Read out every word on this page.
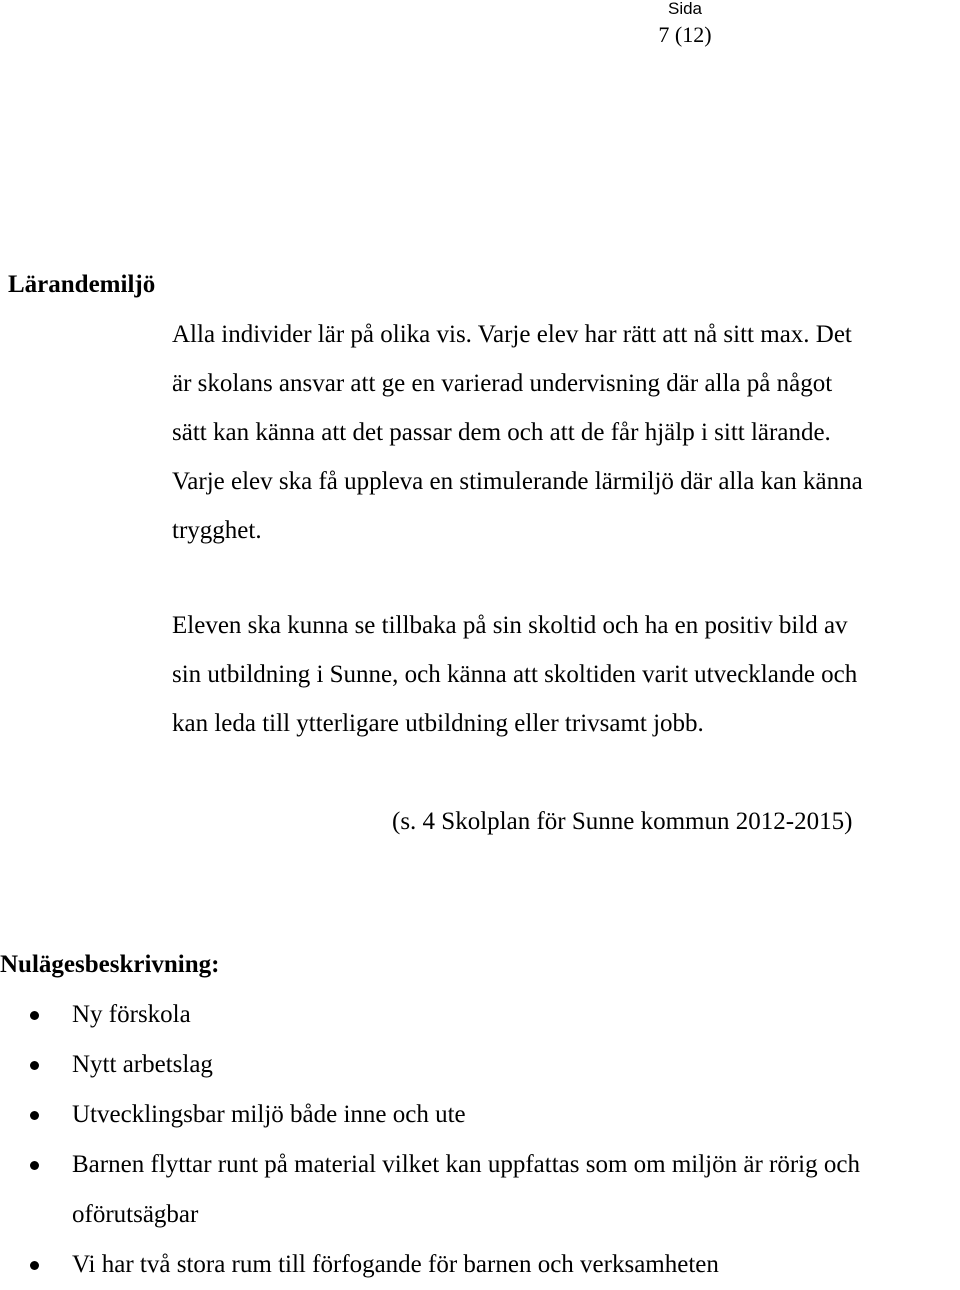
Sida

7 (12)

Lärandemiljö

Alla individer lär på olika vis. Varje elev har rätt att nå sitt max. Det är skolans ansvar att ge en varierad undervisning där alla på något sätt kan känna att det passar dem och att de får hjälp i sitt lärande. Varje elev ska få uppleva en stimulerande lärmiljö där alla kan känna trygghet.

Eleven ska kunna se tillbaka på sin skoltid och ha en positiv bild av sin utbildning i Sunne, och känna att skoltiden varit utvecklande och kan leda till ytterligare utbildning eller trivsamt jobb.

(s. 4 Skolplan för Sunne kommun 2012-2015)

Nulägesbeskrivning:
Ny förskola
Nytt arbetslag
Utvecklingsbar miljö både inne och ute
Barnen flyttar runt på material vilket kan uppfattas som om miljön är rörig och oförutsägbar
Vi har två stora rum till förfogande för barnen och verksamheten
